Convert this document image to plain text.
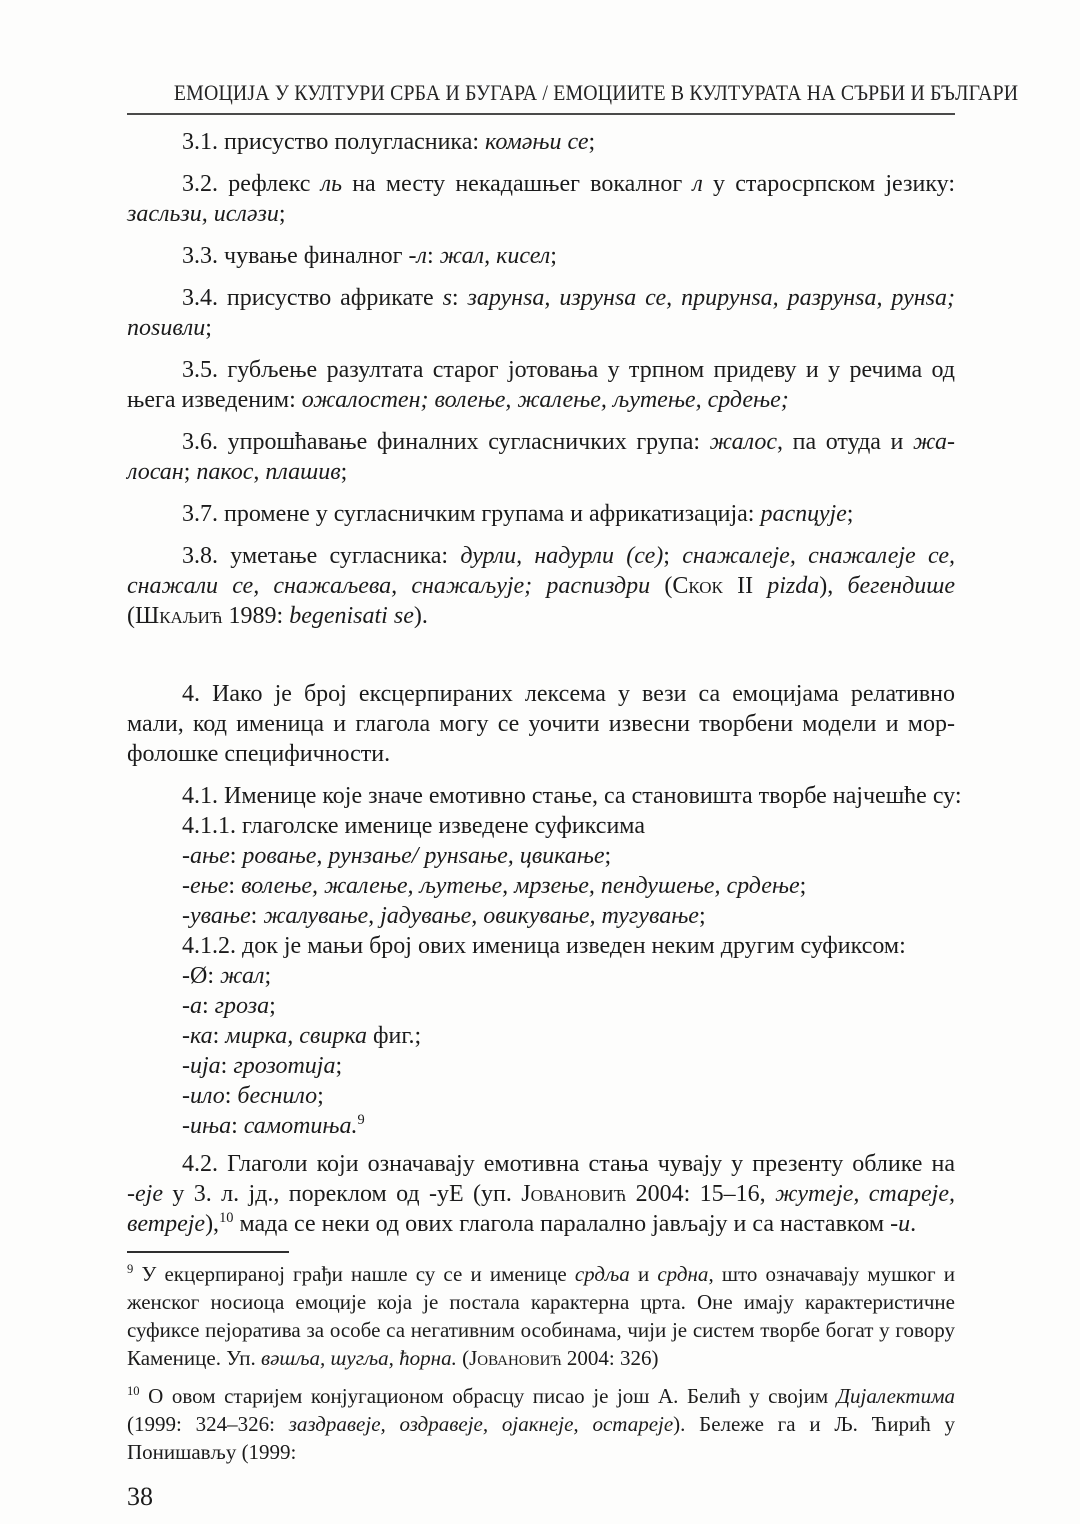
ЕМОЦИЈА У КУЛТУРИ СРБА И БУГАРА / ЕМОЦИИТЕ В КУЛТУРАТА НА СЪРБИ И БЪЛГАРИ
3.1. присуство полугласника: комәњи се;
3.2. рефлекс ль на месту некадашњег вокалног л у старосрпском језику: засльзи, исләзи;
3.3. чување финалног -л: жал, кисел;
3.4. присуство африкате ѕ: зарунѕа, изрунѕа се, прирунѕа, разрунѕа, рунѕа; поѕивли;
3.5. губљење разултата старог јотовања у трпном придеву и у речима од њега изведеним: ожалостен; волење, жалење, љутење, срдење;
3.6. упрошћавање финалних сугласничких група: жалос, па отуда и жалосан; пакос, плашив;
3.7. промене у сугласничким групама и африкатизација: распцује;
3.8. уметање сугласника: дурли, надурли (се); снажалеје, снажалеје се, снажали се, снажаљева, снажаљује; распиздри (Скок II pizda), бегендише (Шкаљић 1989: begenisati se).
4. Иако је број ексцерпираних лексема у вези са емоцијама релативно мали, код именица и глагола могу се уочити извесни творбени модели и морфолошке специфичности.
4.1. Именице које значе емотивно стање, са становишта творбе најчешће су:
4.1.1. глаголске именице изведене суфиксима
-ање: ровање, рунзање/ рунѕање, цвикање;
-ење: волење, жалење, љутење, мрзење, пендушење, срдење;
-ување: жалување, јадување, овикување, тугување;
4.1.2. док је мањи број ових именица изведен неким другим суфиксом:
-Ø: жал;
-а: гроза;
-ка: мирка, свирка фиг.;
-ија: грозотија;
-ило: беснило;
-иња: самотиња.$^9$
4.2. Глаголи који означавају емотивна стања чувају у презенту облике на -еје у 3. л. јд., пореклом од -уЕ (уп. Јовановић 2004: 15–16, жутеје, стареје, ветреје),$^{10}$ мада се неки од ових глагола паралално јављају и са наставком -и.
$^9$ У екцерпираној грађи нашле су се и именице срдља и срдна, што означавају мушког и женског носиоца емоције која је постала карактерна црта. Оне имају карактеристичне суфиксе пејоратива за особе са негативним особинама, чији је систем творбе богат у говору Каменице. Уп. вәшља, шугља, ћорна. (Јовановић 2004: 326)
$^{10}$ О овом старијем конјугационом обрасцу писао је још А. Белић у својим Дијалектима (1999: 324–326: заздравеје, оздравеје, ојакнеје, остареје). Бележе га и Љ. Ћирић у Понишављу (1999:
38
